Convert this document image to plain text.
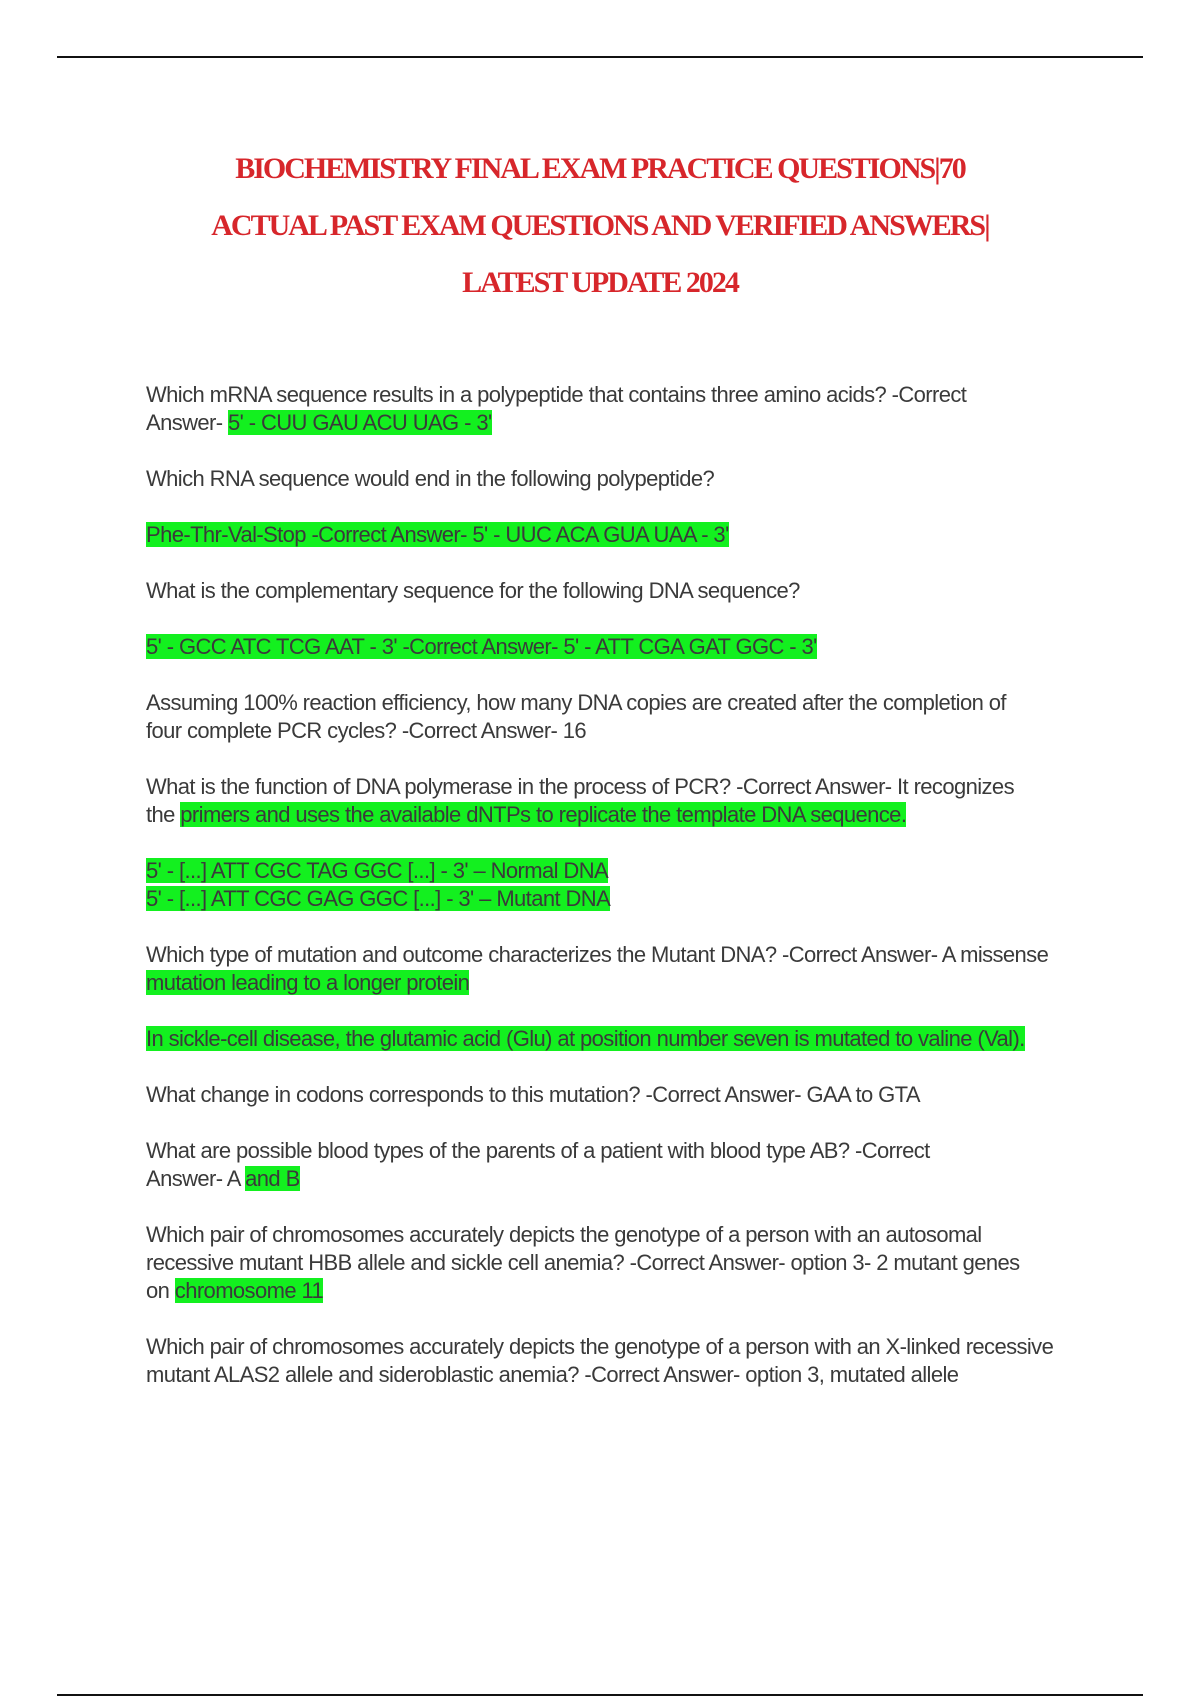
BIOCHEMISTRY FINAL EXAM PRACTICE QUESTIONS|70
ACTUAL PAST EXAM QUESTIONS AND VERIFIED ANSWERS|
LATEST UPDATE 2024
Which mRNA sequence results in a polypeptide that contains three amino acids? -Correct
Answer- 5' - CUU GAU ACU UAG - 3'
Which RNA sequence would end in the following polypeptide?
Phe-Thr-Val-Stop -Correct Answer- 5' - UUC ACA GUA UAA - 3'
What is the complementary sequence for the following DNA sequence?
5' - GCC ATC TCG AAT - 3' -Correct Answer- 5' - ATT CGA GAT GGC - 3'
Assuming 100% reaction efficiency, how many DNA copies are created after the completion of
four complete PCR cycles? -Correct Answer- 16
What is the function of DNA polymerase in the process of PCR? -Correct Answer- It recognizes
the primers and uses the available dNTPs to replicate the template DNA sequence.
5' - [...] ATT CGC TAG GGC [...] - 3' – Normal DNA
5' - [...] ATT CGC GAG GGC [...] - 3' – Mutant DNA
Which type of mutation and outcome characterizes the Mutant DNA? -Correct Answer- A missense
mutation leading to a longer protein
In sickle-cell disease, the glutamic acid (Glu) at position number seven is mutated to valine (Val).
What change in codons corresponds to this mutation? -Correct Answer- GAA to GTA
What are possible blood types of the parents of a patient with blood type AB? -Correct
Answer- A and B
Which pair of chromosomes accurately depicts the genotype of a person with an autosomal
recessive mutant HBB allele and sickle cell anemia? -Correct Answer- option 3- 2 mutant genes
on chromosome 11
Which pair of chromosomes accurately depicts the genotype of a person with an X-linked recessive
mutant ALAS2 allele and sideroblastic anemia? -Correct Answer- option 3, mutated allele
